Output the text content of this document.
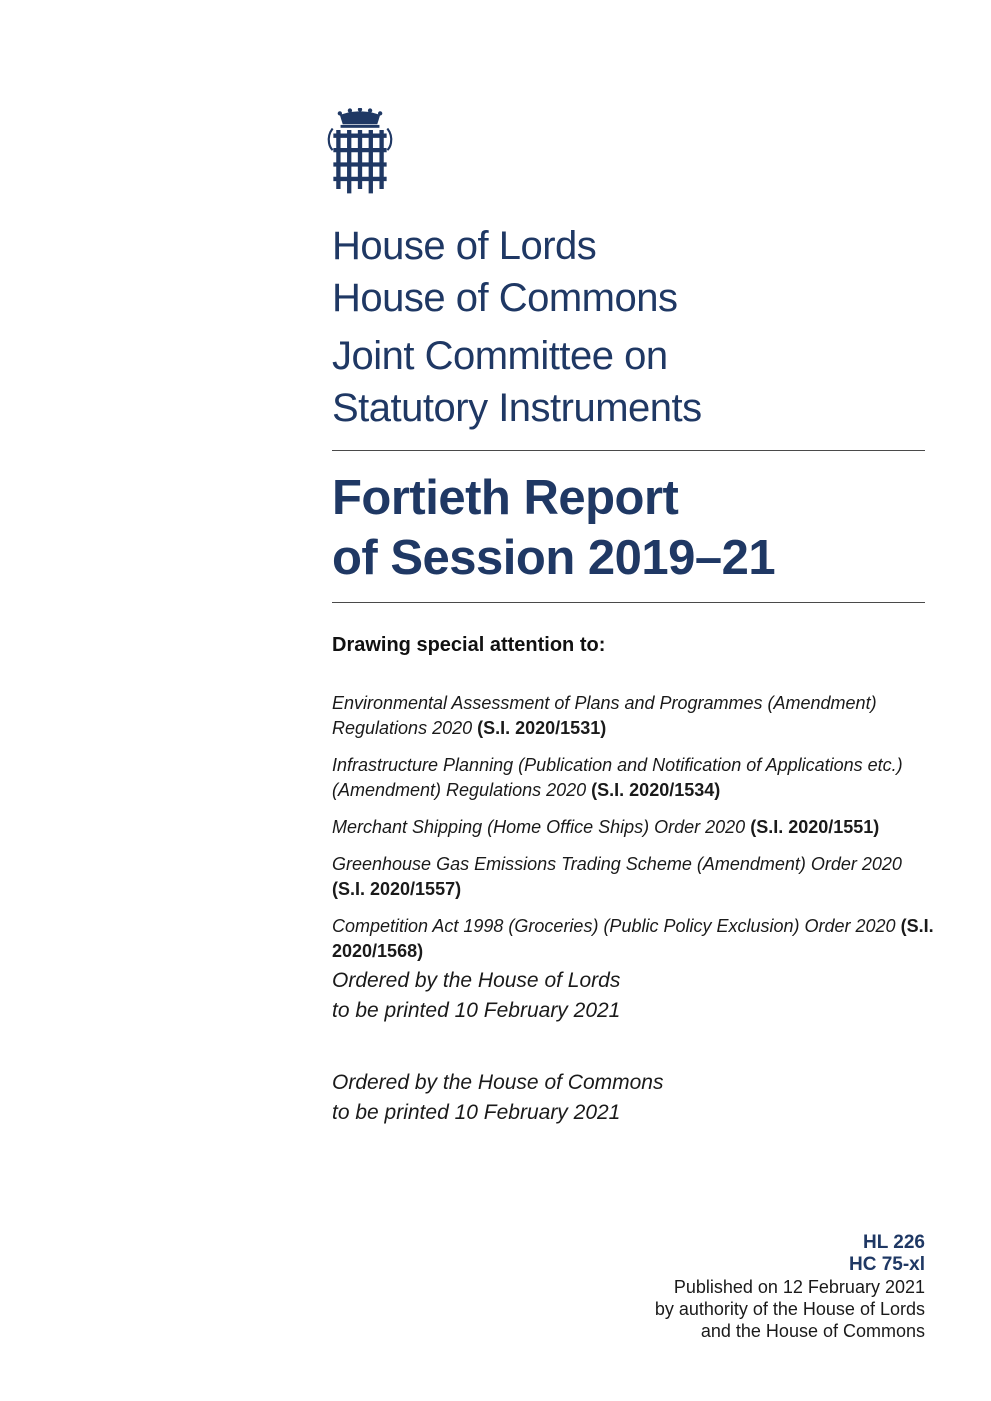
House of Lords
House of Commons
Joint Committee on
Statutory Instruments
Fortieth Report
of Session 2019–21

Drawing special attention to:

Environmental Assessment of Plans and Programmes (Amendment) Regulations 2020 (S.I. 2020/1531)

Infrastructure Planning (Publication and Notification of Applications etc.) (Amendment) Regulations 2020 (S.I. 2020/1534)

Merchant Shipping (Home Office Ships) Order 2020 (S.I. 2020/1551)

Greenhouse Gas Emissions Trading Scheme (Amendment) Order 2020 (S.I. 2020/1557)

Competition Act 1998 (Groceries) (Public Policy Exclusion) Order 2020 (S.I. 2020/1568)

Ordered by the House of Lords
to be printed 10 February 2021
Ordered by the House of Commons
to be printed 10 February 2021
HL 226
HC 75-xl
Published on 12 February 2021
by authority of the House of Lords
and the House of Commons
